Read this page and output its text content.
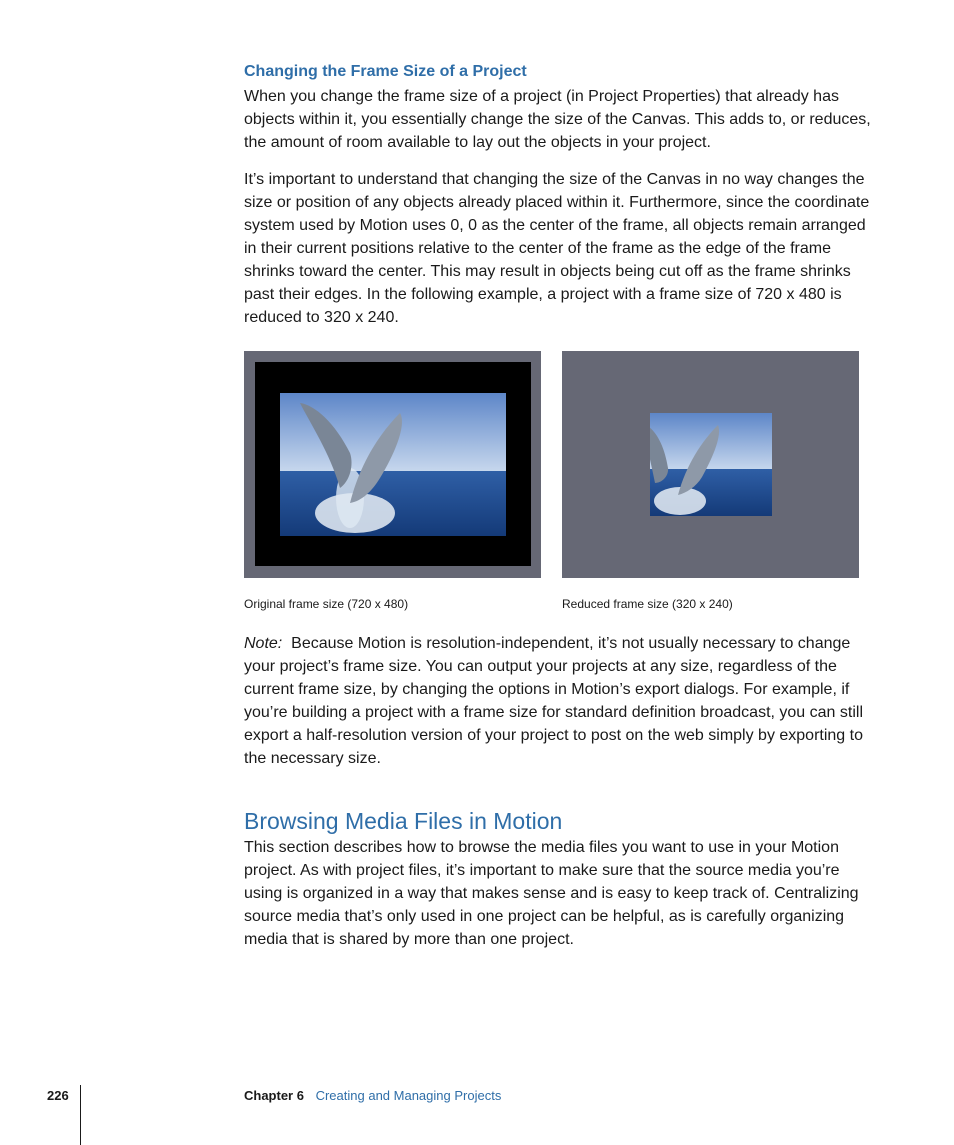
Changing the Frame Size of a Project

When you change the frame size of a project (in Project Properties) that already has objects within it, you essentially change the size of the Canvas. This adds to, or reduces, the amount of room available to lay out the objects in your project.

It’s important to understand that changing the size of the Canvas in no way changes the size or position of any objects already placed within it. Furthermore, since the coordinate system used by Motion uses 0, 0 as the center of the frame, all objects remain arranged in their current positions relative to the center of the frame as the edge of the frame shrinks toward the center. This may result in objects being cut off as the frame shrinks past their edges. In the following example, a project with a frame size of 720 x 480 is reduced to 320 x 240.

Original frame size (720 x 480)	Reduced frame size (320 x 240)

Note: Because Motion is resolution-independent, it’s not usually necessary to change your project’s frame size. You can output your projects at any size, regardless of the current frame size, by changing the options in Motion’s export dialogs. For example, if you’re building a project with a frame size for standard definition broadcast, you can still export a half-resolution version of your project to post on the web simply by exporting to the necessary size.

Browsing Media Files in Motion

This section describes how to browse the media files you want to use in your Motion project. As with project files, it’s important to make sure that the source media you’re using is organized in a way that makes sense and is easy to keep track of. Centralizing source media that’s only used in one project can be helpful, as is carefully organizing media that is shared by more than one project.

226	Chapter 6 Creating and Managing Projects
